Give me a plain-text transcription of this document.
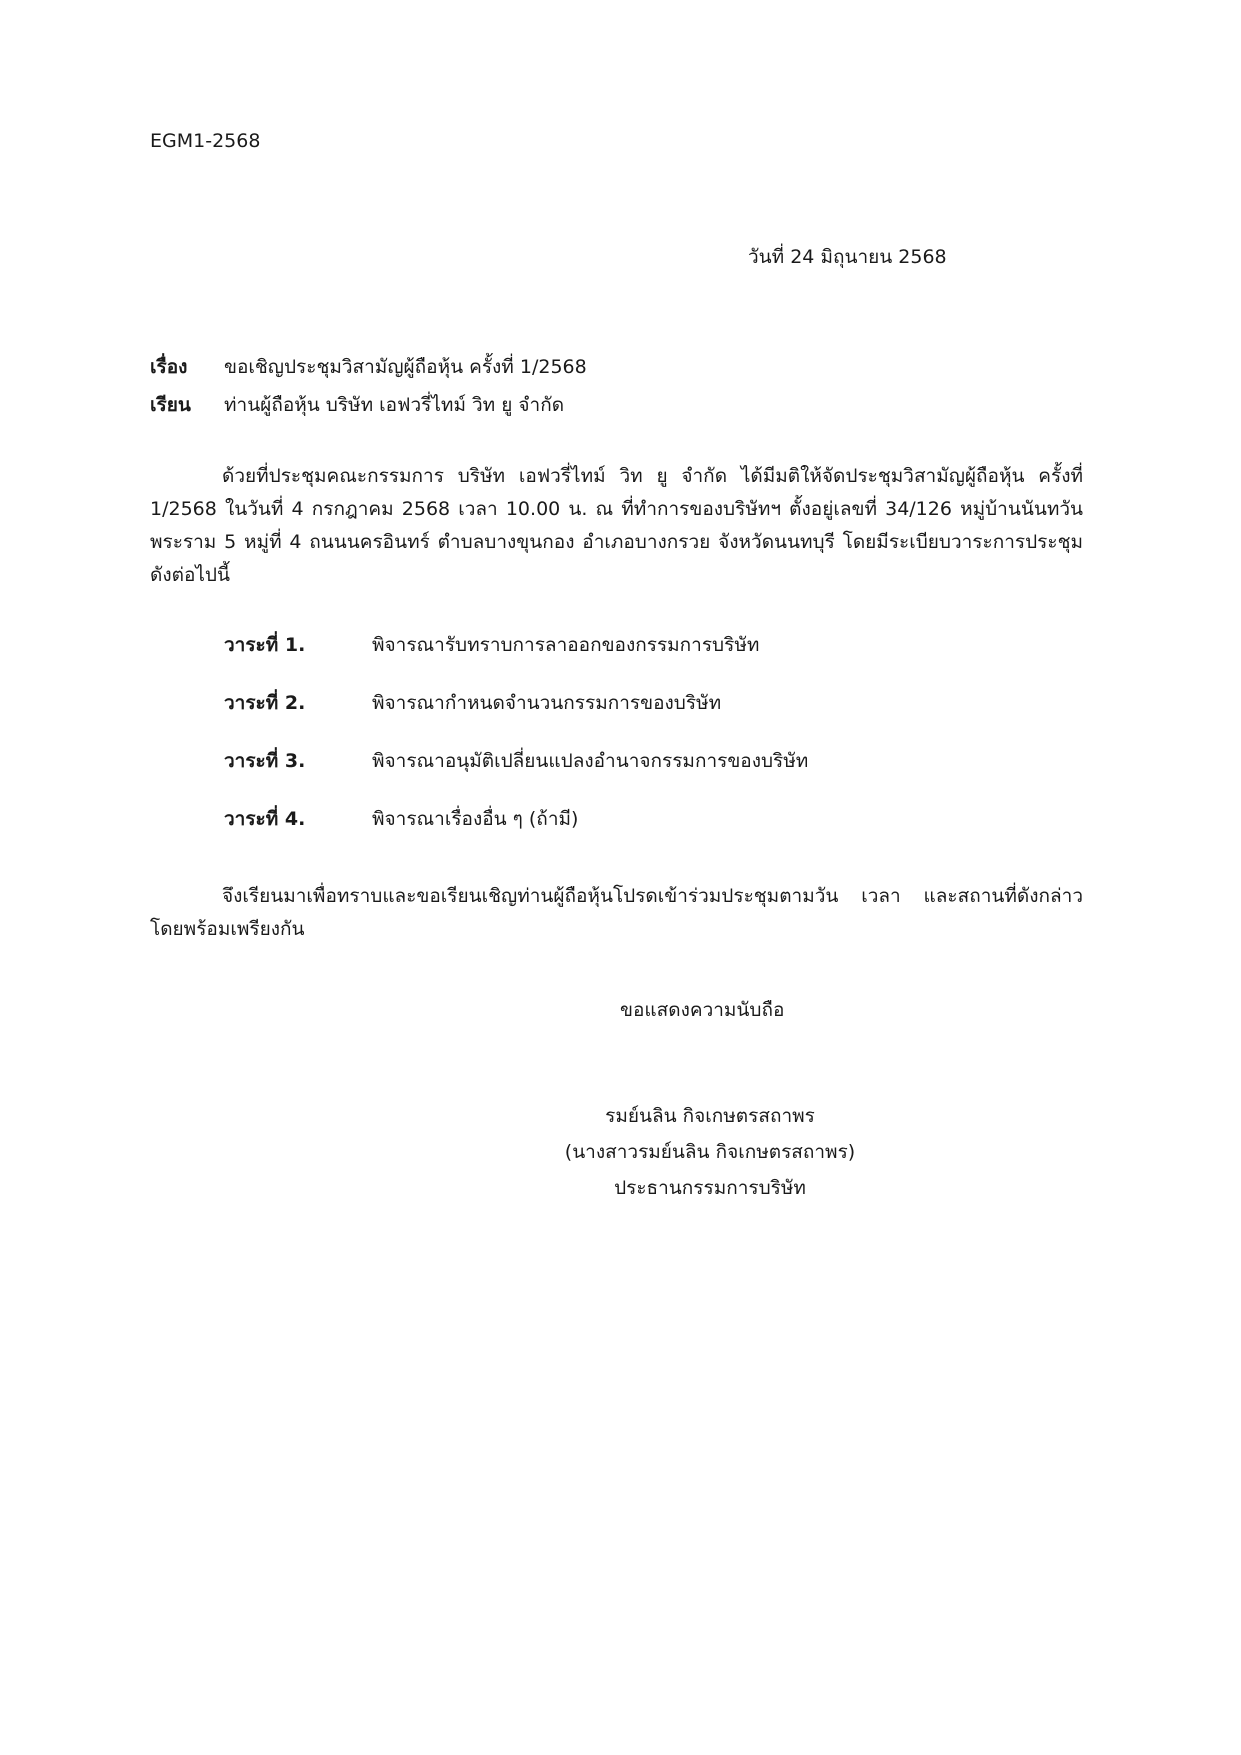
EGM1-2568
วันที่ 24 มิถุนายน 2568
เรื่อง ขอเชิญประชุมวิสามัญผู้ถือหุ้น ครั้งที่ 1/2568
เรียน ท่านผู้ถือหุ้น บริษัท เอฟวรี่ไทม์ วิท ยู จำกัด
ด้วยที่ประชุมคณะกรรมการ บริษัท เอฟวรี่ไทม์ วิท ยู จำกัด ได้มีมติให้จัดประชุมวิสามัญผู้ถือหุ้น ครั้งที่ 1/2568 ในวันที่ 4 กรกฎาคม 2568 เวลา 10.00 น. ณ ที่ทำการของบริษัทฯ ตั้งอยู่เลขที่ 34/126 หมู่บ้านนันทวัน พระราม 5 หมู่ที่ 4 ถนนนครอินทร์ ตำบลบางขุนกอง อำเภอบางกรวย จังหวัดนนทบุรี โดยมีระเบียบวาระการประชุมดังต่อไปนี้
วาระที่ 1.	พิจารณารับทราบการลาออกของกรรมการบริษัท
วาระที่ 2.	พิจารณากำหนดจำนวนกรรมการของบริษัท
วาระที่ 3.	พิจารณาอนุมัติเปลี่ยนแปลงอำนาจกรรมการของบริษัท
วาระที่ 4.	พิจารณาเรื่องอื่น ๆ (ถ้ามี)
จึงเรียนมาเพื่อทราบและขอเรียนเชิญท่านผู้ถือหุ้นโปรดเข้าร่วมประชุมตามวัน เวลา และสถานที่ดังกล่าว โดยพร้อมเพรียงกัน
ขอแสดงความนับถือ
รมย์นลิน กิจเกษตรสถาพร
(นางสาวรมย์นลิน กิจเกษตรสถาพร)
ประธานกรรมการบริษัท
